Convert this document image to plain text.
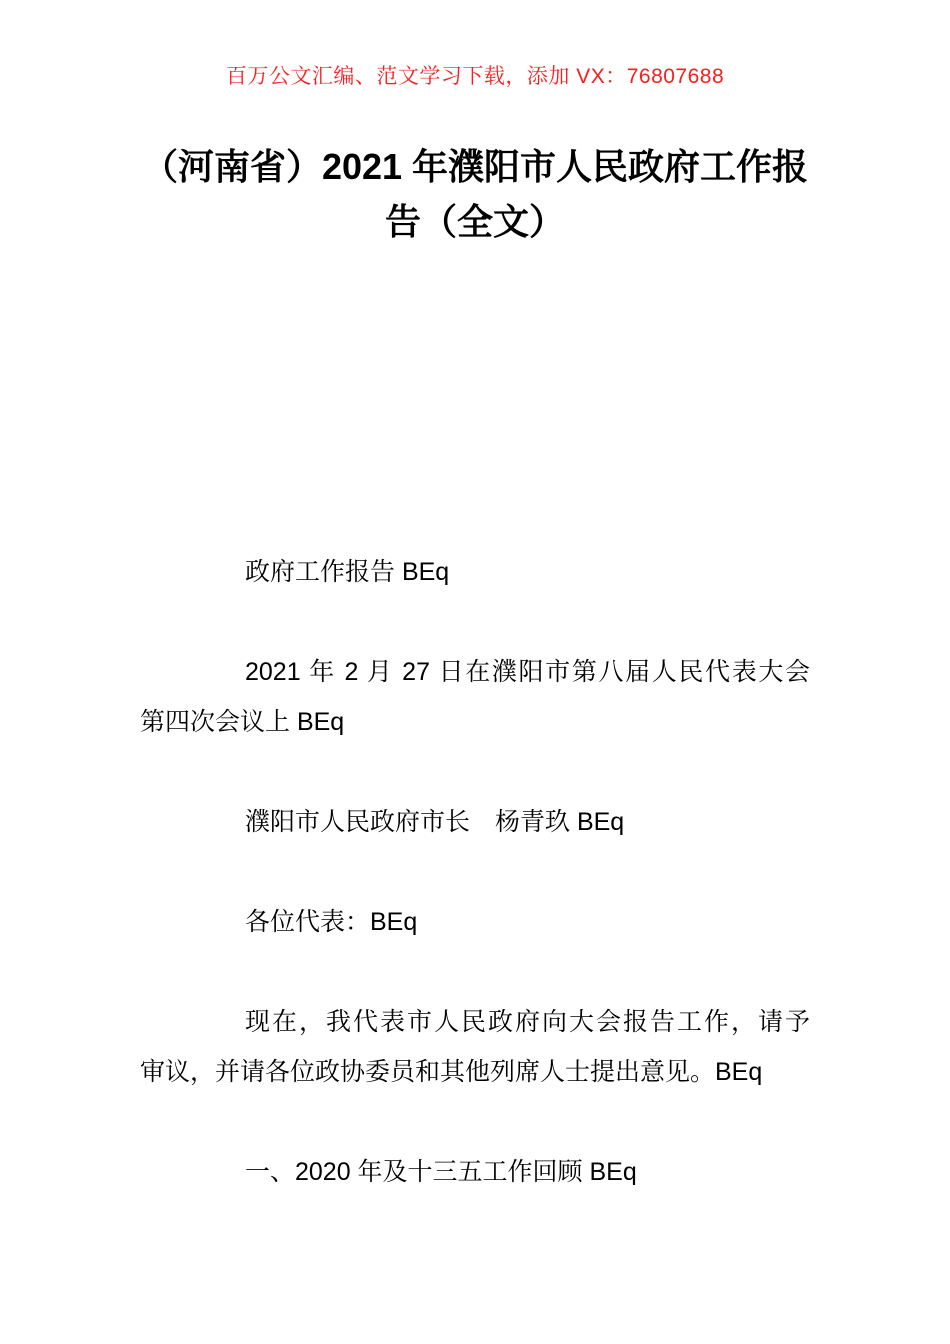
百万公文汇编、范文学习下载，添加 VX：76807688
（河南省）2021 年濮阳市人民政府工作报
告（全文）

政府工作报告 BEq

2021 年 2 月 27 日在濮阳市第八届人民代表大会
第四次会议上 BEq

濮阳市人民政府市长　杨青玖 BEq

各位代表：BEq

现在，我代表市人民政府向大会报告工作，请予
审议，并请各位政协委员和其他列席人士提出意见。BEq

一、2020 年及十三五工作回顾 BEq
